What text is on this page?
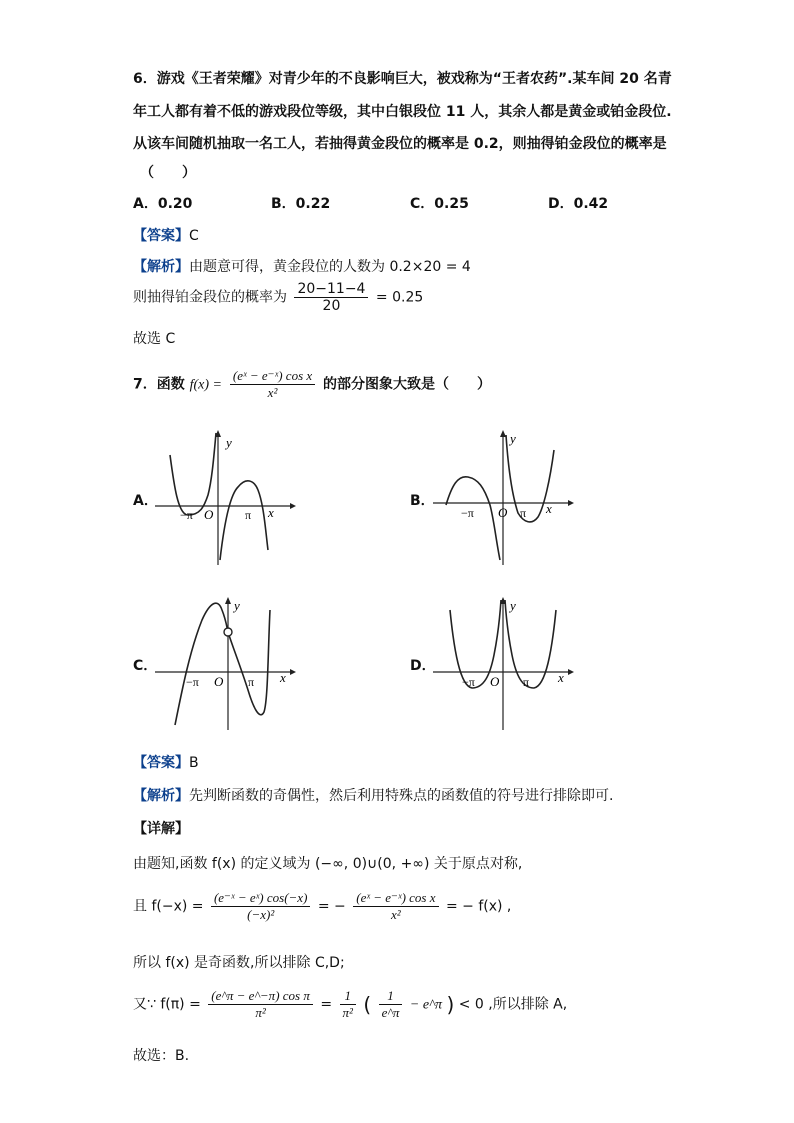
6．游戏《王者荣耀》对青少年的不良影响巨大，被戏称为“王者农药”.某车间 20 名青
年工人都有着不低的游戏段位等级，其中白银段位 11 人，其余人都是黄金或铂金段位.
从该车间随机抽取一名工人，若抽得黄金段位的概率是 0.2，则抽得铂金段位的概率是
（　　）
A．0.20	B．0.22	C．0.25	D．0.42
【答案】C
【解析】由题意可得，黄金段位的人数为 0.2×20 = 4
则抽得铂金段位的概率为 $\frac{20-11-4}{20} = 0.25$
故选 C
7．函数 $f(x) = \frac{\text{(eˣ − e⁻ˣ) cos x}}{\text{x²}}$ 的部分图象大致是（　　）
A．
y
x
O
−π	π
B．
y
x
O
−π	π
C．
y
x
O
−π	π
D．
y
x
O
−π	π
【答案】B
【解析】先判断函数的奇偶性，然后利用特殊点的函数值的符号进行排除即可.
【详解】
由题知,函数 f(x) 的定义域为 (−∞, 0)∪(0, +∞) 关于原点对称,
且 $f(-x) = \frac{\text{(e⁻ˣ − eˣ) cos(−x)}}{\text{(−x)²}}$ = − $\frac{\text{(eˣ − e⁻ˣ) cos x}}{\text{x²}}$ = − f(x) ,
所以 f(x) 是奇函数,所以排除 C,D;
又∵ $f(\pi) = \frac{\text{(e\textasciicircum{}π − e\textasciicircum{}−π) cos π}}{\text{π²}} = \frac{1}{\text{π²}}$ ( $\frac{1}{e\^{}\pi}$ − e^π ) < 0 ,所以排除 A,
故选：B.
